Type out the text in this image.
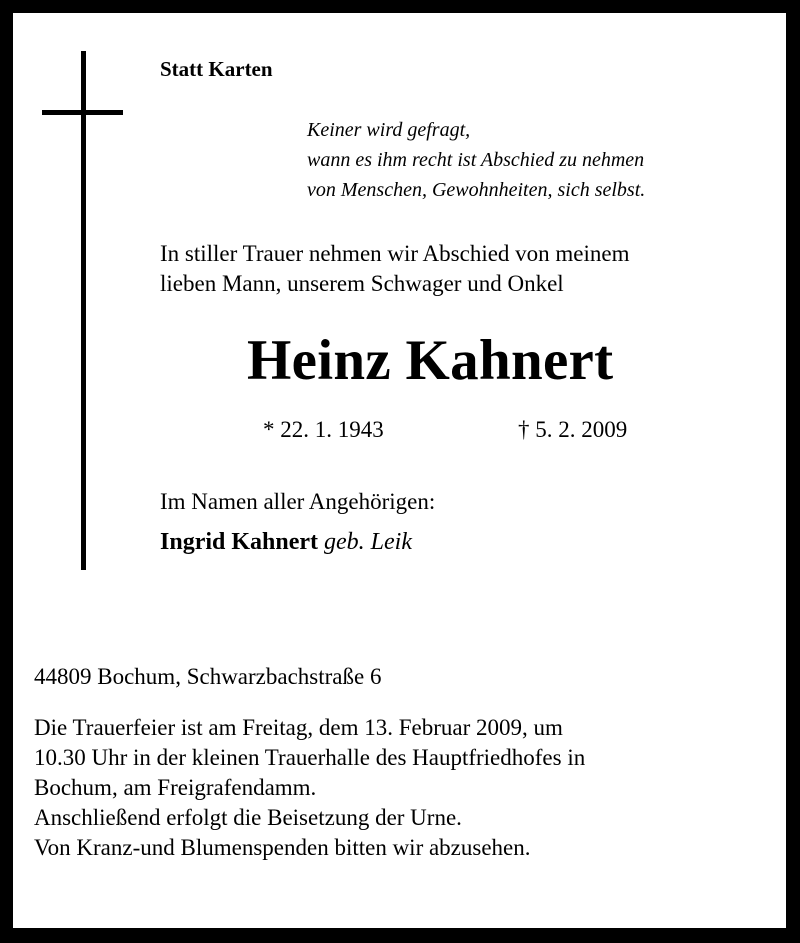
Statt Karten
Keiner wird gefragt,
wann es ihm recht ist Abschied zu nehmen
von Menschen, Gewohnheiten, sich selbst.
In stiller Trauer nehmen wir Abschied von meinem
lieben Mann, unserem Schwager und Onkel
Heinz Kahnert
* 22. 1. 1943	† 5. 2. 2009
Im Namen aller Angehörigen:
Ingrid Kahnert geb. Leik
44809 Bochum, Schwarzbachstraße 6
Die Trauerfeier ist am Freitag, dem 13. Februar 2009, um
10.30 Uhr in der kleinen Trauerhalle des Hauptfriedhofes in
Bochum, am Freigrafendamm.
Anschließend erfolgt die Beisetzung der Urne.
Von Kranz-und Blumenspenden bitten wir abzusehen.
